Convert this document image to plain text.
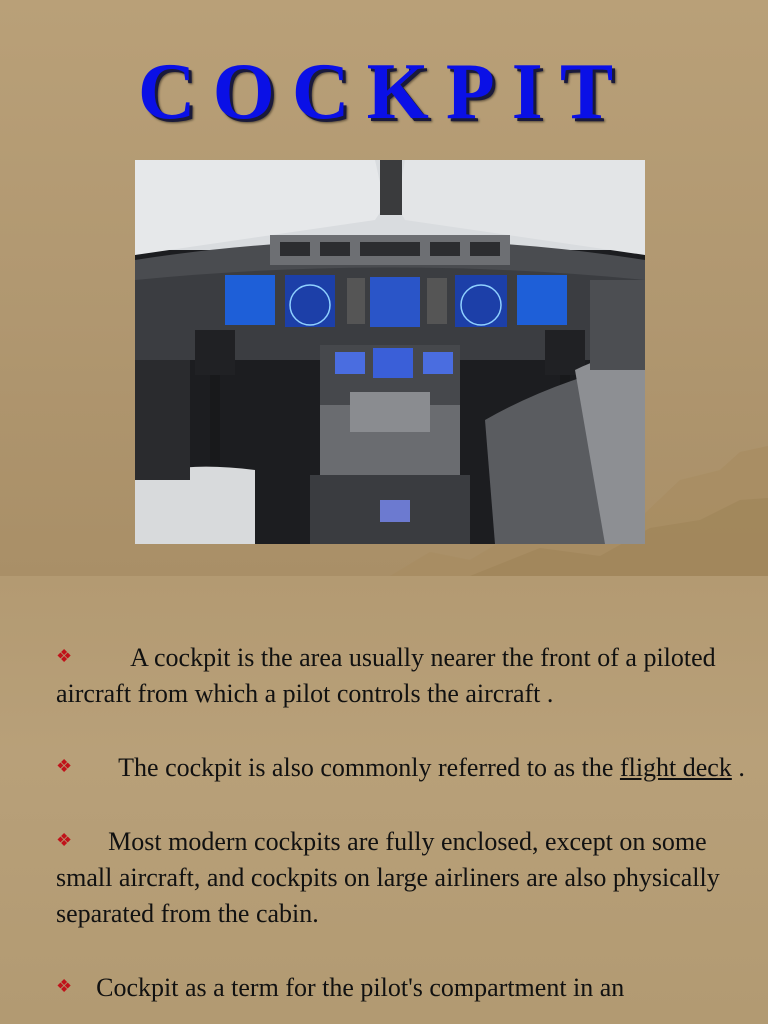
COCKPIT

❖ A cockpit is the area usually nearer the front of a piloted aircraft from which a pilot controls the aircraft .

❖ The cockpit is also commonly referred to as the flight deck .

❖ Most modern cockpits are fully enclosed, except on some small aircraft, and cockpits on large airliners are also physically separated from the cabin.

❖ Cockpit as a term for the pilot's compartment in an
